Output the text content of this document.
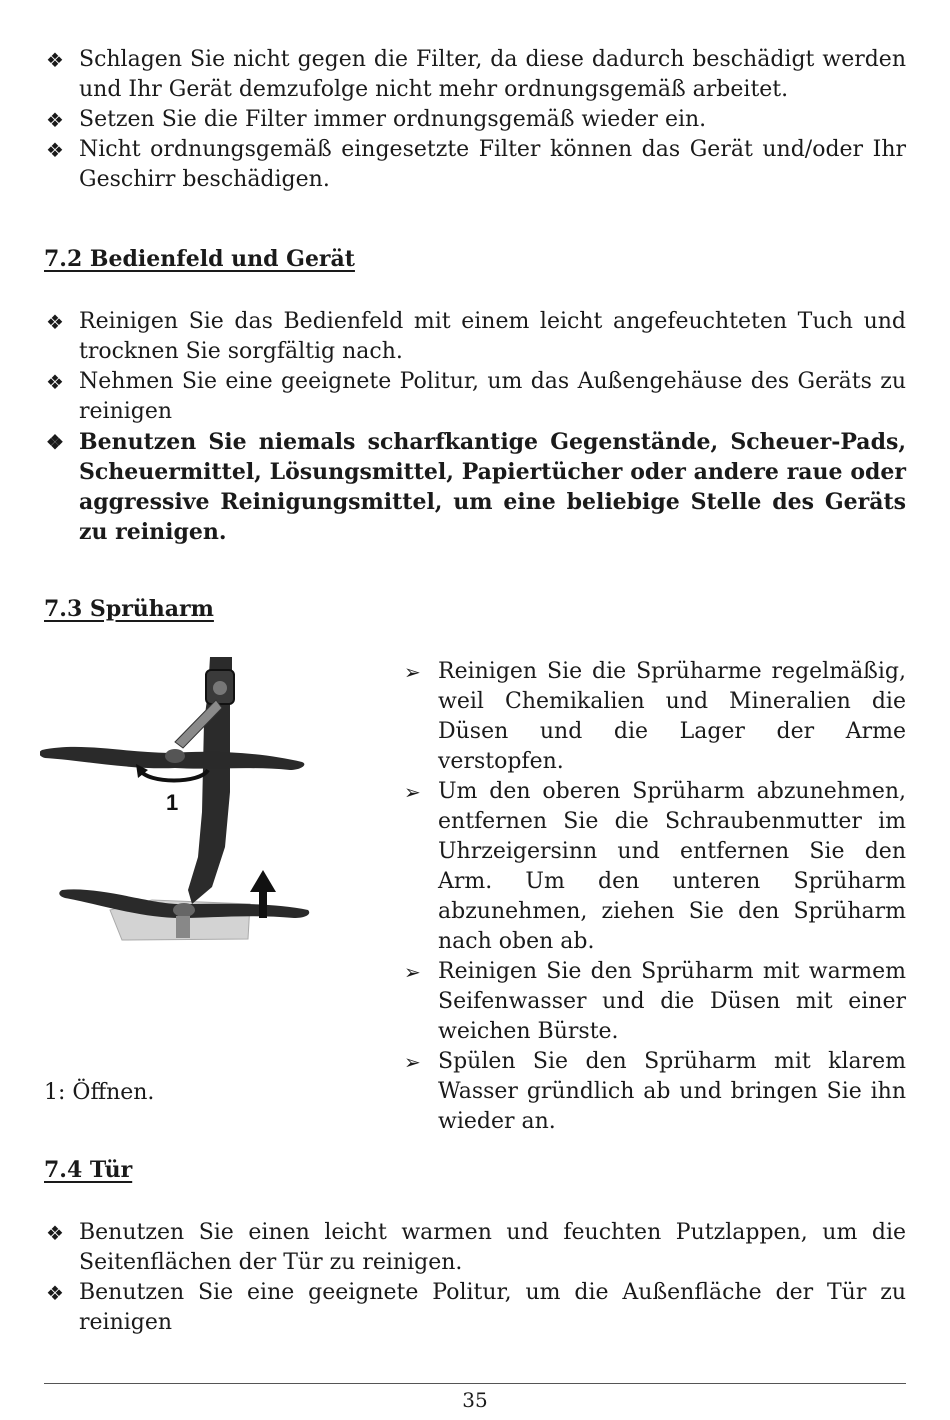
❖ Schlagen Sie nicht gegen die Filter, da diese dadurch beschädigt werden und Ihr Gerät demzufolge nicht mehr ordnungsgemäß arbeitet.
❖ Setzen Sie die Filter immer ordnungsgemäß wieder ein.
❖ Nicht ordnungsgemäß eingesetzte Filter können das Gerät und/oder Ihr Geschirr beschädigen.
7.2 Bedienfeld und Gerät
❖ Reinigen Sie das Bedienfeld mit einem leicht angefeuchteten Tuch und trocknen Sie sorgfältig nach.
❖ Nehmen Sie eine geeignete Politur, um das Außengehäuse des Geräts zu reinigen
❖ Benutzen Sie niemals scharfkantige Gegenstände, Scheuer-Pads, Scheuermittel, Lösungsmittel, Papiertücher oder andere raue oder aggressive Reinigungsmittel, um eine beliebige Stelle des Geräts zu reinigen.
7.3 Sprüharm
1
➢ Reinigen Sie die Sprüharme regelmäßig, weil Chemikalien und Mineralien die Düsen und die Lager der Arme verstopfen.
➢ Um den oberen Sprüharm abzunehmen, entfernen Sie die Schraubenmutter im Uhrzeigersinn und entfernen Sie den Arm. Um den unteren Sprüharm abzunehmen, ziehen Sie den Sprüharm nach oben ab.
➢ Reinigen Sie den Sprüharm mit warmem Seifenwasser und die Düsen mit einer weichen Bürste.
➢ Spülen Sie den Sprüharm mit klarem Wasser gründlich ab und bringen Sie ihn wieder an.
1: Öffnen.
7.4 Tür
❖ Benutzen Sie einen leicht warmen und feuchten Putzlappen, um die Seitenflächen der Tür zu reinigen.
❖ Benutzen Sie eine geeignete Politur, um die Außenfläche der Tür zu reinigen
35
